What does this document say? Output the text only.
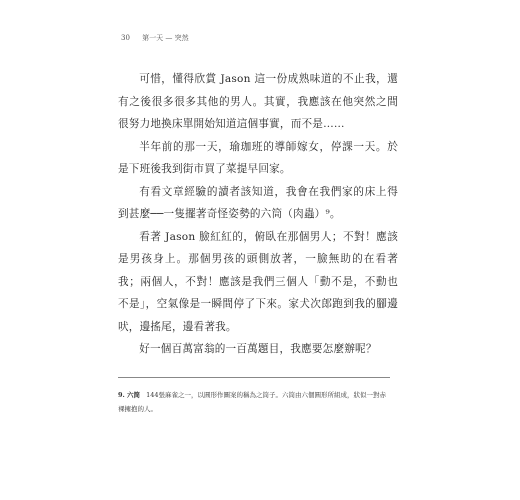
30 第一天 — 突然

可惜，懂得欣賞 Jason 這一份成熟味道的不止我，還有之後很多很多其他的男人。其實，我應該在他突然之間很努力地換床單開始知道這個事實，而不是……

半年前的那一天，瑜珈班的導師嫁女，停課一天。於是下班後我到街市買了菜提早回家。

有看文章經驗的讀者該知道，我會在我們家的床上得到甚麼──一隻擺著奇怪姿勢的六筒（肉蟲）⁹。

看著 Jason 臉紅紅的，俯臥在那個男人；不對！應該是男孩身上。那個男孩的頭側放著，一臉無助的在看著我；兩個人，不對！應該是我們三個人「動不是，不動也不是」，空氣像是一瞬間停了下來。家犬次郎跑到我的腳邊吠，邊搖尾，邊看著我。

好一個百萬富翁的一百萬題目，我應要怎麼辦呢？

9. 六筒 144張麻雀之一，以圓形作圖案的稱為之筒子。六筒由六個圓形所組成，狀似一對赤裸擁抱的人。
